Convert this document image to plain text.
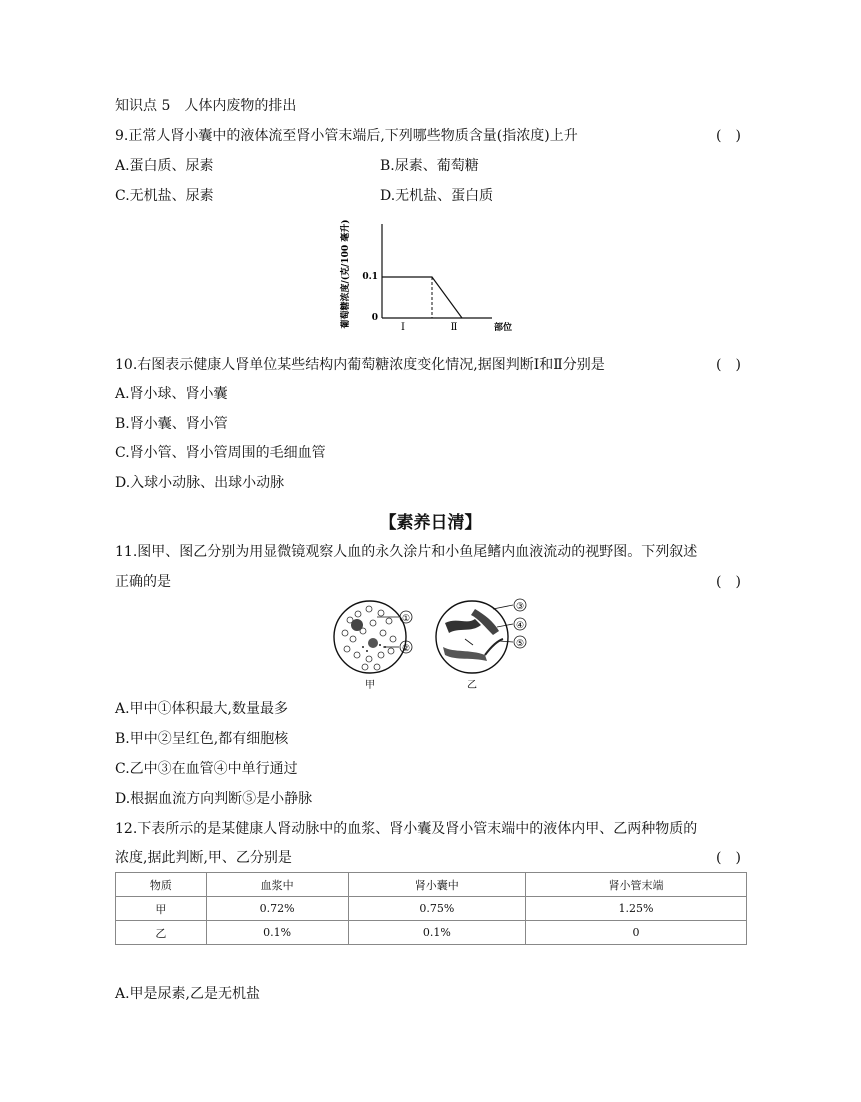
知识点 5　人体内废物的排出
9.正常人肾小囊中的液体流至肾小管末端后,下列哪些物质含量(指浓度)上升	(　)
A.蛋白质、尿素	B.尿素、葡萄糖
C.无机盐、尿素	D.无机盐、蛋白质
葡萄糖浓度/(克/100 毫升) 0.1
0
Ⅰ	Ⅱ	部位
10.右图表示健康人肾单位某些结构内葡萄糖浓度变化情况,据图判断Ⅰ和Ⅱ分别是	(　)
A.肾小球、肾小囊
B.肾小囊、肾小管
C.肾小管、肾小管周围的毛细血管
D.入球小动脉、出球小动脉
【素养日清】
11.图甲、图乙分别为用显微镜观察人血的永久涂片和小鱼尾鳍内血液流动的视野图。下列叙述
正确的是	(　)
①
②
甲
③
④
⑤
乙
A.甲中①体积最大,数量最多
B.甲中②呈红色,都有细胞核
C.乙中③在血管④中单行通过
D.根据血流方向判断⑤是小静脉
12.下表所示的是某健康人肾动脉中的血浆、肾小囊及肾小管末端中的液体内甲、乙两种物质的
浓度,据此判断,甲、乙分别是	(　)
物质	血浆中	肾小囊中	肾小管末端
甲	0.72%	0.75%	1.25%
乙	0.1%	0.1%	0
A.甲是尿素,乙是无机盐
